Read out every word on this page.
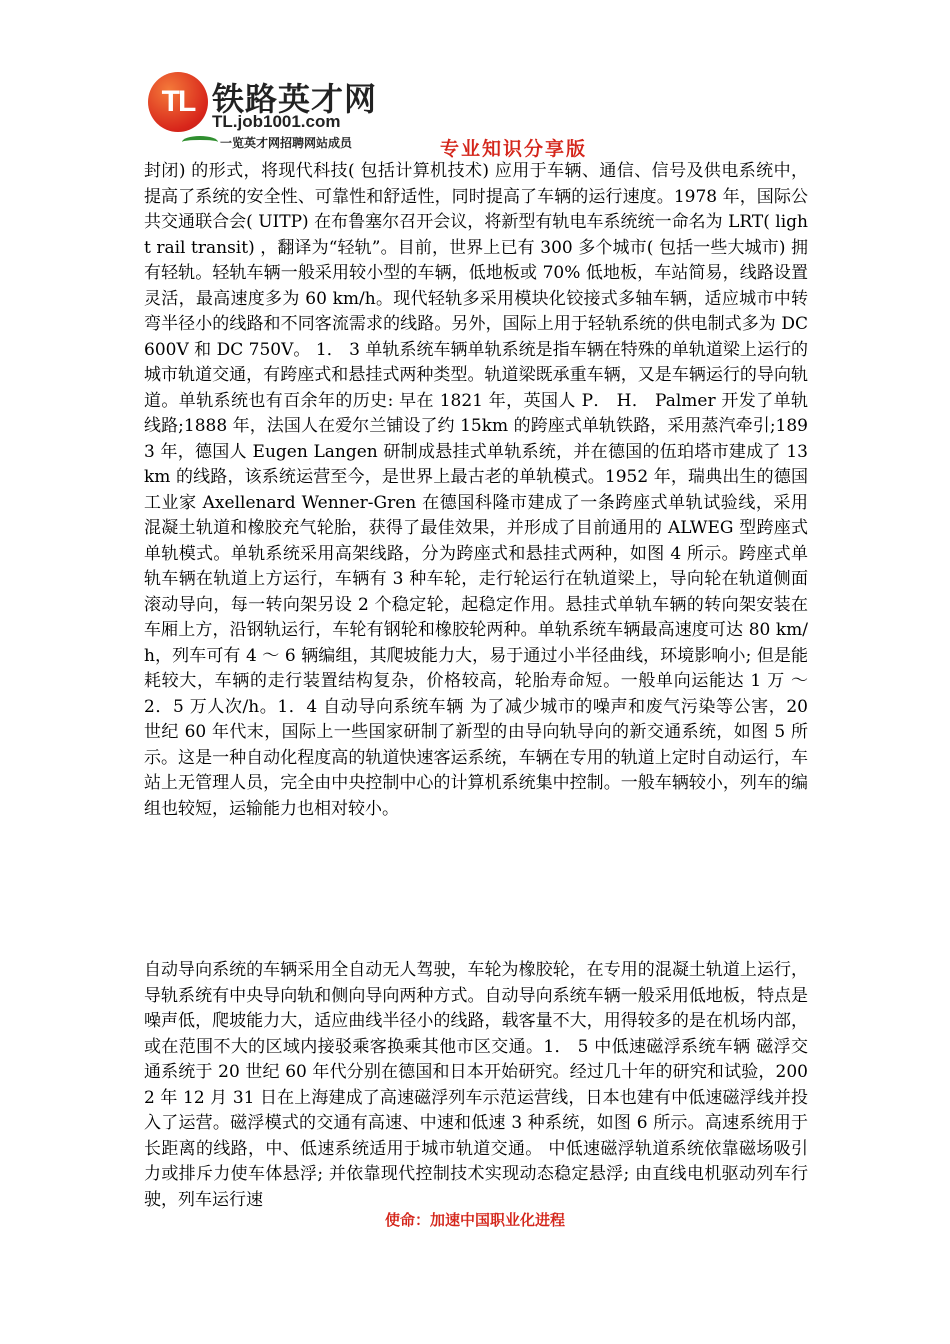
TL 铁路英才网
TL.job1001.com
一览英才网招聘网站成员	专业知识分享版

封闭) 的形式，将现代科技( 包括计算机技术) 应用于车辆、通信、信号及供电系统中，提高了系统的安全性、可靠性和舒适性，同时提高了车辆的运行速度。1978 年，国际公共交通联合会( UITP) 在布鲁塞尔召开会议，将新型有轨电车系统统一命名为 LRT( light rail transit) ，翻译为“轻轨”。目前，世界上已有 300 多个城市( 包括一些大城市) 拥有轻轨。轻轨车辆一般采用较小型的车辆，低地板或 70% 低地板，车站简易，线路设置灵活，最高速度多为 60 km/h。现代轻轨多采用模块化铰接式多轴车辆，适应城市中转弯半径小的线路和不同客流需求的线路。另外，国际上用于轻轨系统的供电制式多为 DC 600V 和 DC 750V。 1． 3 单轨系统车辆单轨系统是指车辆在特殊的单轨道梁上运行的城市轨道交通，有跨座式和悬挂式两种类型。轨道梁既承重车辆，又是车辆运行的导向轨道。单轨系统也有百余年的历史: 早在 1821 年，英国人 P． H． Palmer 开发了单轨线路;1888 年，法国人在爱尔兰铺设了约 15km 的跨座式单轨铁路，采用蒸汽牵引;1893 年，德国人 Eugen Langen 研制成悬挂式单轨系统，并在德国的伍珀塔市建成了 13 km 的线路，该系统运营至今，是世界上最古老的单轨模式。1952 年，瑞典出生的德国工业家 Axellenard Wenner-Gren 在德国科隆市建成了一条跨座式单轨试验线，采用混凝土轨道和橡胶充气轮胎，获得了最佳效果，并形成了目前通用的 ALWEG 型跨座式单轨模式。单轨系统采用高架线路，分为跨座式和悬挂式两种，如图 4 所示。跨座式单轨车辆在轨道上方运行，车辆有 3 种车轮，走行轮运行在轨道梁上，导向轮在轨道侧面滚动导向，每一转向架另设 2 个稳定轮，起稳定作用。悬挂式单轨车辆的转向架安装在车厢上方，沿钢轨运行，车轮有钢轮和橡胶轮两种。单轨系统车辆最高速度可达 80 km/h，列车可有 4 ～ 6 辆编组，其爬坡能力大，易于通过小半径曲线，环境影响小; 但是能耗较大，车辆的走行装置结构复杂，价格较高，轮胎寿命短。一般单向运能达 1 万 ～2．5 万人次/h。1．4 自动导向系统车辆 为了减少城市的噪声和废气污染等公害，20 世纪 60 年代末，国际上一些国家研制了新型的由导向轨导向的新交通系统，如图 5 所示。这是一种自动化程度高的轨道快速客运系统，车辆在专用的轨道上定时自动运行，车站上无管理人员，完全由中央控制中心的计算机系统集中控制。一般车辆较小，列车的编组也较短，运输能力也相对较小。

自动导向系统的车辆采用全自动无人驾驶，车轮为橡胶轮，在专用的混凝土轨道上运行，导轨系统有中央导向轨和侧向导向两种方式。自动导向系统车辆一般采用低地板，特点是噪声低，爬坡能力大，适应曲线半径小的线路，载客量不大，用得较多的是在机场内部，或在范围不大的区域内接驳乘客换乘其他市区交通。1． 5 中低速磁浮系统车辆 磁浮交通系统于 20 世纪 60 年代分别在德国和日本开始研究。经过几十年的研究和试验，2002 年 12 月 31 日在上海建成了高速磁浮列车示范运营线，日本也建有中低速磁浮线并投入了运营。磁浮模式的交通有高速、中速和低速 3 种系统，如图 6 所示。高速系统用于长距离的线路，中、低速系统适用于城市轨道交通。 中低速磁浮轨道系统依靠磁场吸引力或排斥力使车体悬浮; 并依靠现代控制技术实现动态稳定悬浮; 由直线电机驱动列车行驶，列车运行速

使命：加速中国职业化进程
